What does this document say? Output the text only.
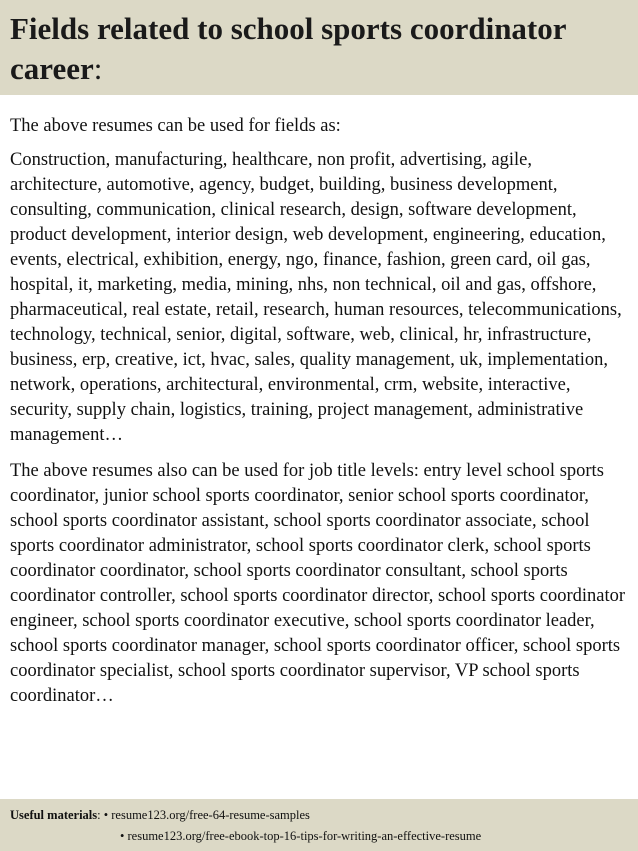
Fields related to school sports coordinator career:

The above resumes can be used for fields as:

Construction, manufacturing, healthcare, non profit, advertising, agile, architecture, automotive, agency, budget, building, business development, consulting, communication, clinical research, design, software development, product development, interior design, web development, engineering, education, events, electrical, exhibition, energy, ngo, finance, fashion, green card, oil gas, hospital, it, marketing, media, mining, nhs, non technical, oil and gas, offshore, pharmaceutical, real estate, retail, research, human resources, telecommunications, technology, technical, senior, digital, software, web, clinical, hr, infrastructure, business, erp, creative, ict, hvac, sales, quality management, uk, implementation, network, operations, architectural, environmental, crm, website, interactive, security, supply chain, logistics, training, project management, administrative management…

The above resumes also can be used for job title levels: entry level school sports coordinator, junior school sports coordinator, senior school sports coordinator, school sports coordinator assistant, school sports coordinator associate, school sports coordinator administrator, school sports coordinator clerk, school sports coordinator coordinator, school sports coordinator consultant, school sports coordinator controller, school sports coordinator director, school sports coordinator engineer, school sports coordinator executive, school sports coordinator leader, school sports coordinator manager, school sports coordinator officer, school sports coordinator specialist, school sports coordinator supervisor, VP school sports coordinator…

Useful materials: • resume123.org/free-64-resume-samples
• resume123.org/free-ebook-top-16-tips-for-writing-an-effective-resume
